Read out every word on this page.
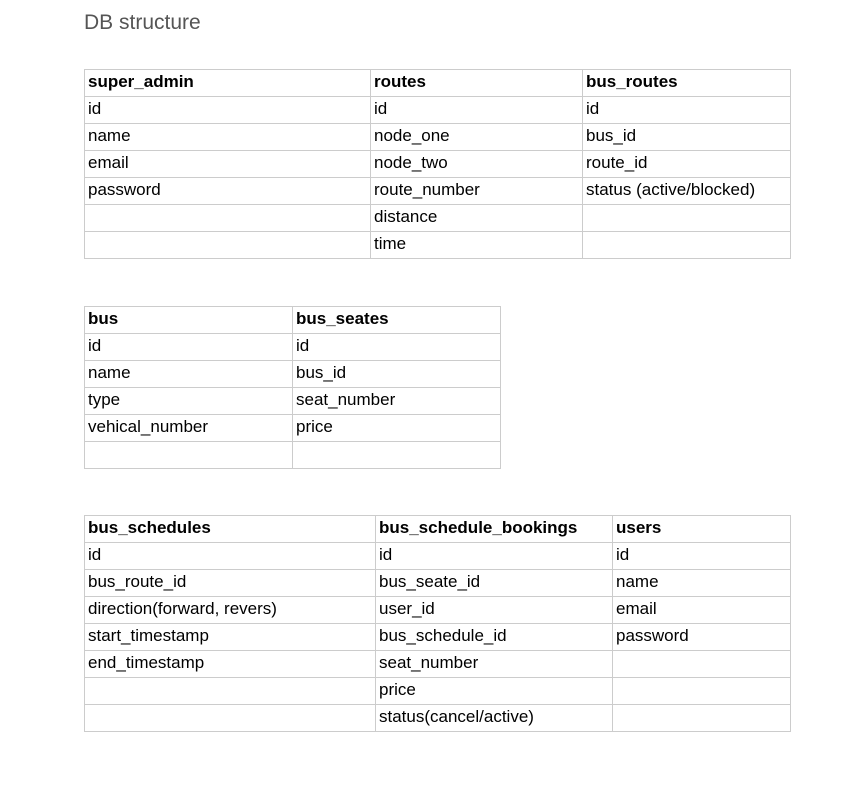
DB structure
super_admin	routes	bus_routes
id	id	id
name	node_one	bus_id
email	node_two	route_id
password	route_number	status (active/blocked)
	distance	
	time	
bus	bus_seates
id	id
name	bus_id
type	seat_number
vehical_number	price

bus_schedules	bus_schedule_bookings	users
id	id	id
bus_route_id	bus_seate_id	name
direction(forward, revers)	user_id	email
start_timestamp	bus_schedule_id	password
end_timestamp	seat_number	
	price	
	status(cancel/active)	
